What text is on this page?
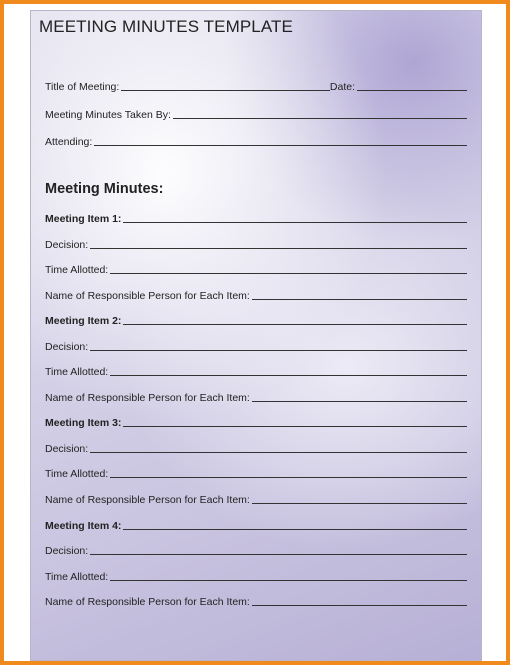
MEETING MINUTES TEMPLATE
Title of Meeting:	Date:
Meeting Minutes Taken By:
Attending:
Meeting Minutes:
Meeting Item 1:
Decision:
Time Allotted:
Name of Responsible Person for Each Item:
Meeting Item 2:
Decision:
Time Allotted:
Name of Responsible Person for Each Item:
Meeting Item 3:
Decision:
Time Allotted:
Name of Responsible Person for Each Item:
Meeting Item 4:
Decision:
Time Allotted:
Name of Responsible Person for Each Item:
